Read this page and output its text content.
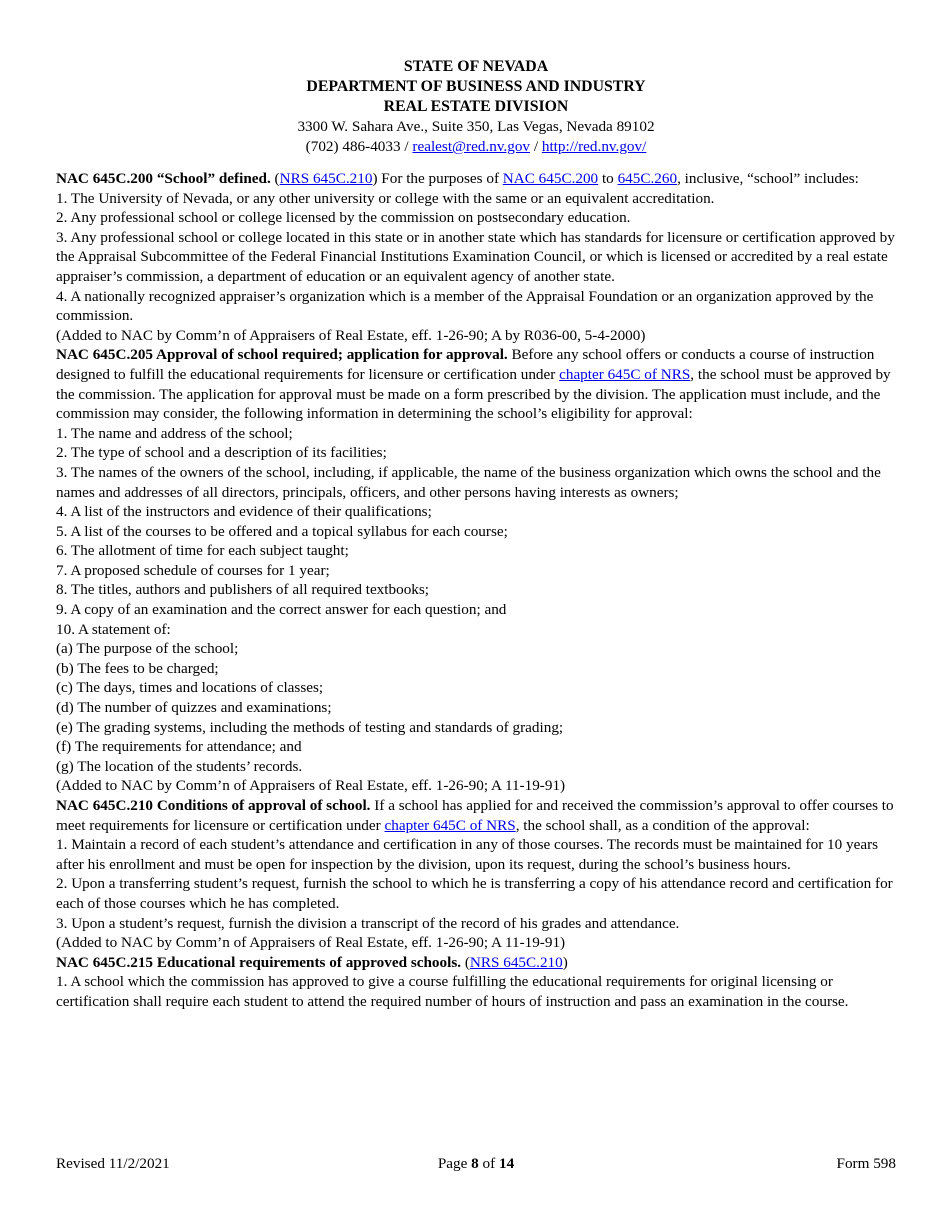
STATE OF NEVADA
DEPARTMENT OF BUSINESS AND INDUSTRY
REAL ESTATE DIVISION
3300 W. Sahara Ave., Suite 350, Las Vegas, Nevada 89102
(702) 486-4033 / realest@red.nv.gov / http://red.nv.gov/

NAC 645C.200 “School” defined. (NRS 645C.210) For the purposes of NAC 645C.200 to 645C.260, inclusive, “school” includes:

1. The University of Nevada, or any other university or college with the same or an equivalent accreditation.

2. Any professional school or college licensed by the commission on postsecondary education.

3. Any professional school or college located in this state or in another state which has standards for licensure or certification approved by the Appraisal Subcommittee of the Federal Financial Institutions Examination Council, or which is licensed or accredited by a real estate appraiser’s commission, a department of education or an equivalent agency of another state.

4. A nationally recognized appraiser’s organization which is a member of the Appraisal Foundation or an organization approved by the commission.

(Added to NAC by Comm’n of Appraisers of Real Estate, eff. 1-26-90; A by R036-00, 5-4-2000)

NAC 645C.205 Approval of school required; application for approval. Before any school offers or conducts a course of instruction designed to fulfill the educational requirements for licensure or certification under chapter 645C of NRS, the school must be approved by the commission. The application for approval must be made on a form prescribed by the division. The application must include, and the commission may consider, the following information in determining the school’s eligibility for approval:

1. The name and address of the school;

2. The type of school and a description of its facilities;

3. The names of the owners of the school, including, if applicable, the name of the business organization which owns the school and the names and addresses of all directors, principals, officers, and other persons having interests as owners;

4. A list of the instructors and evidence of their qualifications;

5. A list of the courses to be offered and a topical syllabus for each course;

6. The allotment of time for each subject taught;

7. A proposed schedule of courses for 1 year;

8. The titles, authors and publishers of all required textbooks;

9. A copy of an examination and the correct answer for each question; and

10. A statement of:

(a) The purpose of the school;

(b) The fees to be charged;

(c) The days, times and locations of classes;

(d) The number of quizzes and examinations;

(e) The grading systems, including the methods of testing and standards of grading;

(f) The requirements for attendance; and

(g) The location of the students’ records.

(Added to NAC by Comm’n of Appraisers of Real Estate, eff. 1-26-90; A 11-19-91)

NAC 645C.210 Conditions of approval of school. If a school has applied for and received the commission’s approval to offer courses to meet requirements for licensure or certification under chapter 645C of NRS, the school shall, as a condition of the approval:

1. Maintain a record of each student’s attendance and certification in any of those courses. The records must be maintained for 10 years after his enrollment and must be open for inspection by the division, upon its request, during the school’s business hours.

2. Upon a transferring student’s request, furnish the school to which he is transferring a copy of his attendance record and certification for each of those courses which he has completed.

3. Upon a student’s request, furnish the division a transcript of the record of his grades and attendance.

(Added to NAC by Comm’n of Appraisers of Real Estate, eff. 1-26-90; A 11-19-91)

NAC 645C.215 Educational requirements of approved schools. (NRS 645C.210)

1. A school which the commission has approved to give a course fulfilling the educational requirements for original licensing or certification shall require each student to attend the required number of hours of instruction and pass an examination in the course.

Revised 11/2/2021	Page 8 of 14	Form 598
